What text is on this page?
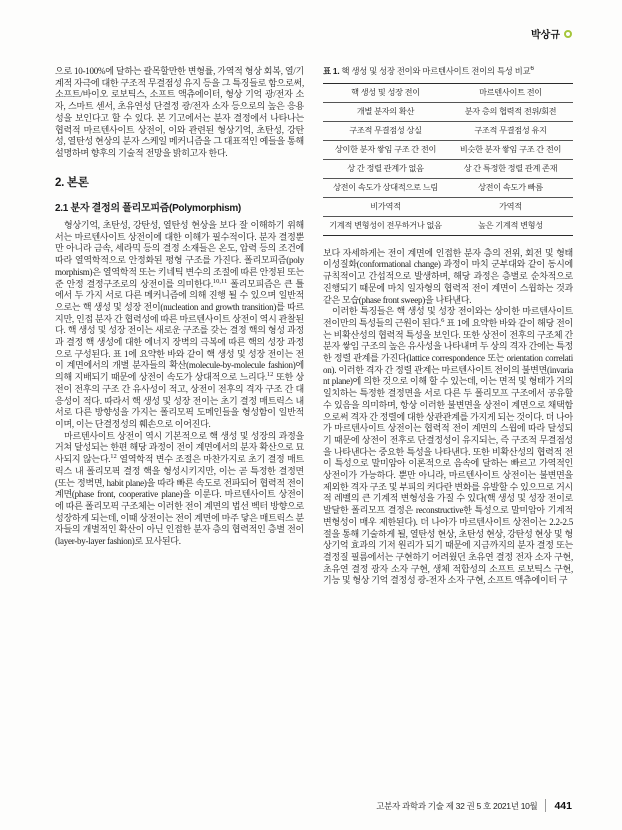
박상규

으로 10-100%에 달하는 괄목할만한 변형률, 가역적 형상 회복, 열/기계적 자극에 대한 구조적 무결점성 유지 등을 그 특징들로 함으로써, 소프트/바이오 로보틱스, 소프트 액츄에이터, 형상 기억 광/전자 소자, 스마트 센서, 초유연성 단결정 광/전자 소자 등으로의 높은 응용성을 보인다고 할 수 있다. 본 기고에서는 분자 결정에서 나타나는 협력적 마르텐사이트 상전이, 이와 관련된 형상기억, 초탄성, 강탄성, 열탄성 현상의 분자 스케일 메커니즘을 그 대표적인 예들을 통해 설명하며 향후의 기술적 전망을 밝히고자 한다.

2. 본론
2.1 분자 결정의 폴리모피즘(Polymorphism)

형상기억, 초탄성, 강탄성, 열탄성 현상을 보다 잘 이해하기 위해서는 마르텐사이트 상전이에 대한 이해가 필수적이다. 분자 결정뿐만 아니라 금속, 세라믹 등의 결정 소재들은 온도, 압력 등의 조건에 따라 열역학적으로 안정화된 평형 구조를 가진다. 폴리모피즘(polymorphism)은 열역학적 또는 키네틱 변수의 조절에 따른 안정된 또는 준 안정 결정구조로의 상전이를 의미한다.$^{10,11}$ 폴리모피즘은 큰 틀에서 두 가지 서로 다른 메커니즘에 의해 진행 될 수 있으며 일반적으로는 핵 생성 및 성장 전이(nucleation and growth transition)를 따르지만, 인접 분자 간 협력성에 따른 마르텐사이트 상전이 역시 관찰된다. 핵 생성 및 성장 전이는 새로운 구조를 갖는 결정 핵의 형성 과정과 결정 핵 생성에 대한 에너지 장벽의 극복에 따른 핵의 성장 과정으로 구성된다. 표 1에 요약한 바와 같이 핵 생성 및 성장 전이는 전이 계면에서의 개별 분자들의 확산(molecule-by-molecule fashion)에 의해 지배되기 때문에 상전이 속도가 상대적으로 느리다.$^{12}$ 또한 상전이 전후의 구조 간 유사성이 적고, 상전이 전후의 격자 구조 간 대응성이 적다. 따라서 핵 생성 및 성장 전이는 초기 결정 매트릭스 내 서로 다른 방향성을 가지는 폴리모픽 도메인들을 형성함이 일반적이며, 이는 단결정성의 훼손으로 이어진다.

마르텐사이트 상전이 역시 기본적으로 핵 생성 및 성장의 과정을 거쳐 달성되는 한편 해당 과정이 전이 계면에서의 분자 확산으로 묘사되지 않는다.$^{12}$ 열역학적 변수 조절은 마찬가지로 초기 결정 매트릭스 내 폴리모픽 결정 핵을 형성시키지만, 이는 곧 특정한 결정면(또는 정벽면, habit plane)을 따라 빠른 속도로 전파되어 협력적 전이 계면(phase front, cooperative plane)을 이룬다. 마르텐사이트 상전이에 따른 폴리모픽 구조체는 이러한 전이 계면의 법선 벡터 방향으로 성장하게 되는데, 이때 상전이는 전이 계면에 마주 닿은 매트릭스 분자들의 개별적인 확산이 아닌 인접한 분자 층의 협력적인 층별 전이(layer-by-layer fashion)로 묘사된다.

표 1. 핵 생성 및 성장 전이와 마르텐사이트 전이의 특성 비교$^6$

핵 생성 및 성장 전이	마르텐사이트 전이
개별 분자의 확산	분자 층의 협력적 전위/회전
구조적 무결점성 상실	구조적 무결점성 유지
상이한 분자 쌓임 구조 간 전이	비슷한 분자 쌓임 구조 간 전이
상 간 정렬 관계가 없음	상 간 특정한 정렬 관계 존재
상전이 속도가 상대적으로 느림	상전이 속도가 빠름
비가역적	가역적
기계적 변형성이 전무하거나 없음	높은 기계적 변형성

보다 자세하게는 전이 계면에 인접한 분자 층의 전위, 회전 및 형태 이성질화(conformational change) 과정이 마치 군부대와 같이 동시에 규칙적이고 간섭적으로 발생하며, 해당 과정은 층별로 순차적으로 진행되기 때문에 마치 일자형의 협력적 전이 계면이 스윕하는 것과 같은 모습(phase front sweep)을 나타낸다.

이러한 특징들은 핵 생성 및 성장 전이와는 상이한 마르텐사이트 전이만의 특성들의 근원이 된다.$^6$ 표 1에 요약한 바와 같이 해당 전이는 비확산성의 협력적 특성을 보인다. 또한 상전이 전후의 구조체 간 분자 쌓임 구조의 높은 유사성을 나타내며 두 상의 격자 간에는 특정한 정렬 관계를 가진다(lattice correspondence 또는 orientation correlation). 이러한 격자 간 정렬 관계는 마르텐사이트 전이의 불변면(invariant plane)에 의한 것으로 이해 할 수 있는데, 이는 면적 및 형태가 거의 일치하는 특정한 결정면을 서로 다른 두 폴리모프 구조에서 공유할 수 있음을 의미하며, 항상 이러한 불변면을 상전이 계면으로 채택함으로써 격자 간 정렬에 대한 상관관계를 가지게 되는 것이다. 더 나아가 마르텐사이트 상전이는 협력적 전이 계면의 스윕에 따라 달성되기 때문에 상전이 전후로 단결정성이 유지되는, 즉 구조적 무결점성을 나타낸다는 중요한 특성을 나타낸다. 또한 비확산성의 협력적 전이 특성으로 말미암아 이론적으로 음속에 달하는 빠르고 가역적인 상전이가 가능하다. 뿐만 아니라, 마르텐사이트 상전이는 불변면을 제외한 격자 구조 및 부피의 커다란 변화를 유발할 수 있으므로 거시적 레벨의 큰 기계적 변형성을 가질 수 있다(핵 생성 및 성장 전이로 발달한 폴리모프 결정은 reconstructive한 특성으로 말미암아 기계적 변형성이 매우 제한된다). 더 나아가 마르텐사이트 상전이는 2.2-2.5절을 통해 기술하게 될, 열탄성 현상, 초탄성 현상, 강탄성 현상 및 형상기억 효과의 기저 원리가 되기 때문에 지금까지의 분자 결정 또는 결정질 필름에서는 구현하기 어려웠던 초유연 결정 전자 소자 구현, 초유연 결정 광자 소자 구현, 생체 적합성의 소프트 로보틱스 구현, 기능 및 형상 기억 결정성 광-전자 소자 구현, 소프트 액츄에이터 구

고분자 과학과 기술 제 32 권 5 호 2021년 10월 441
